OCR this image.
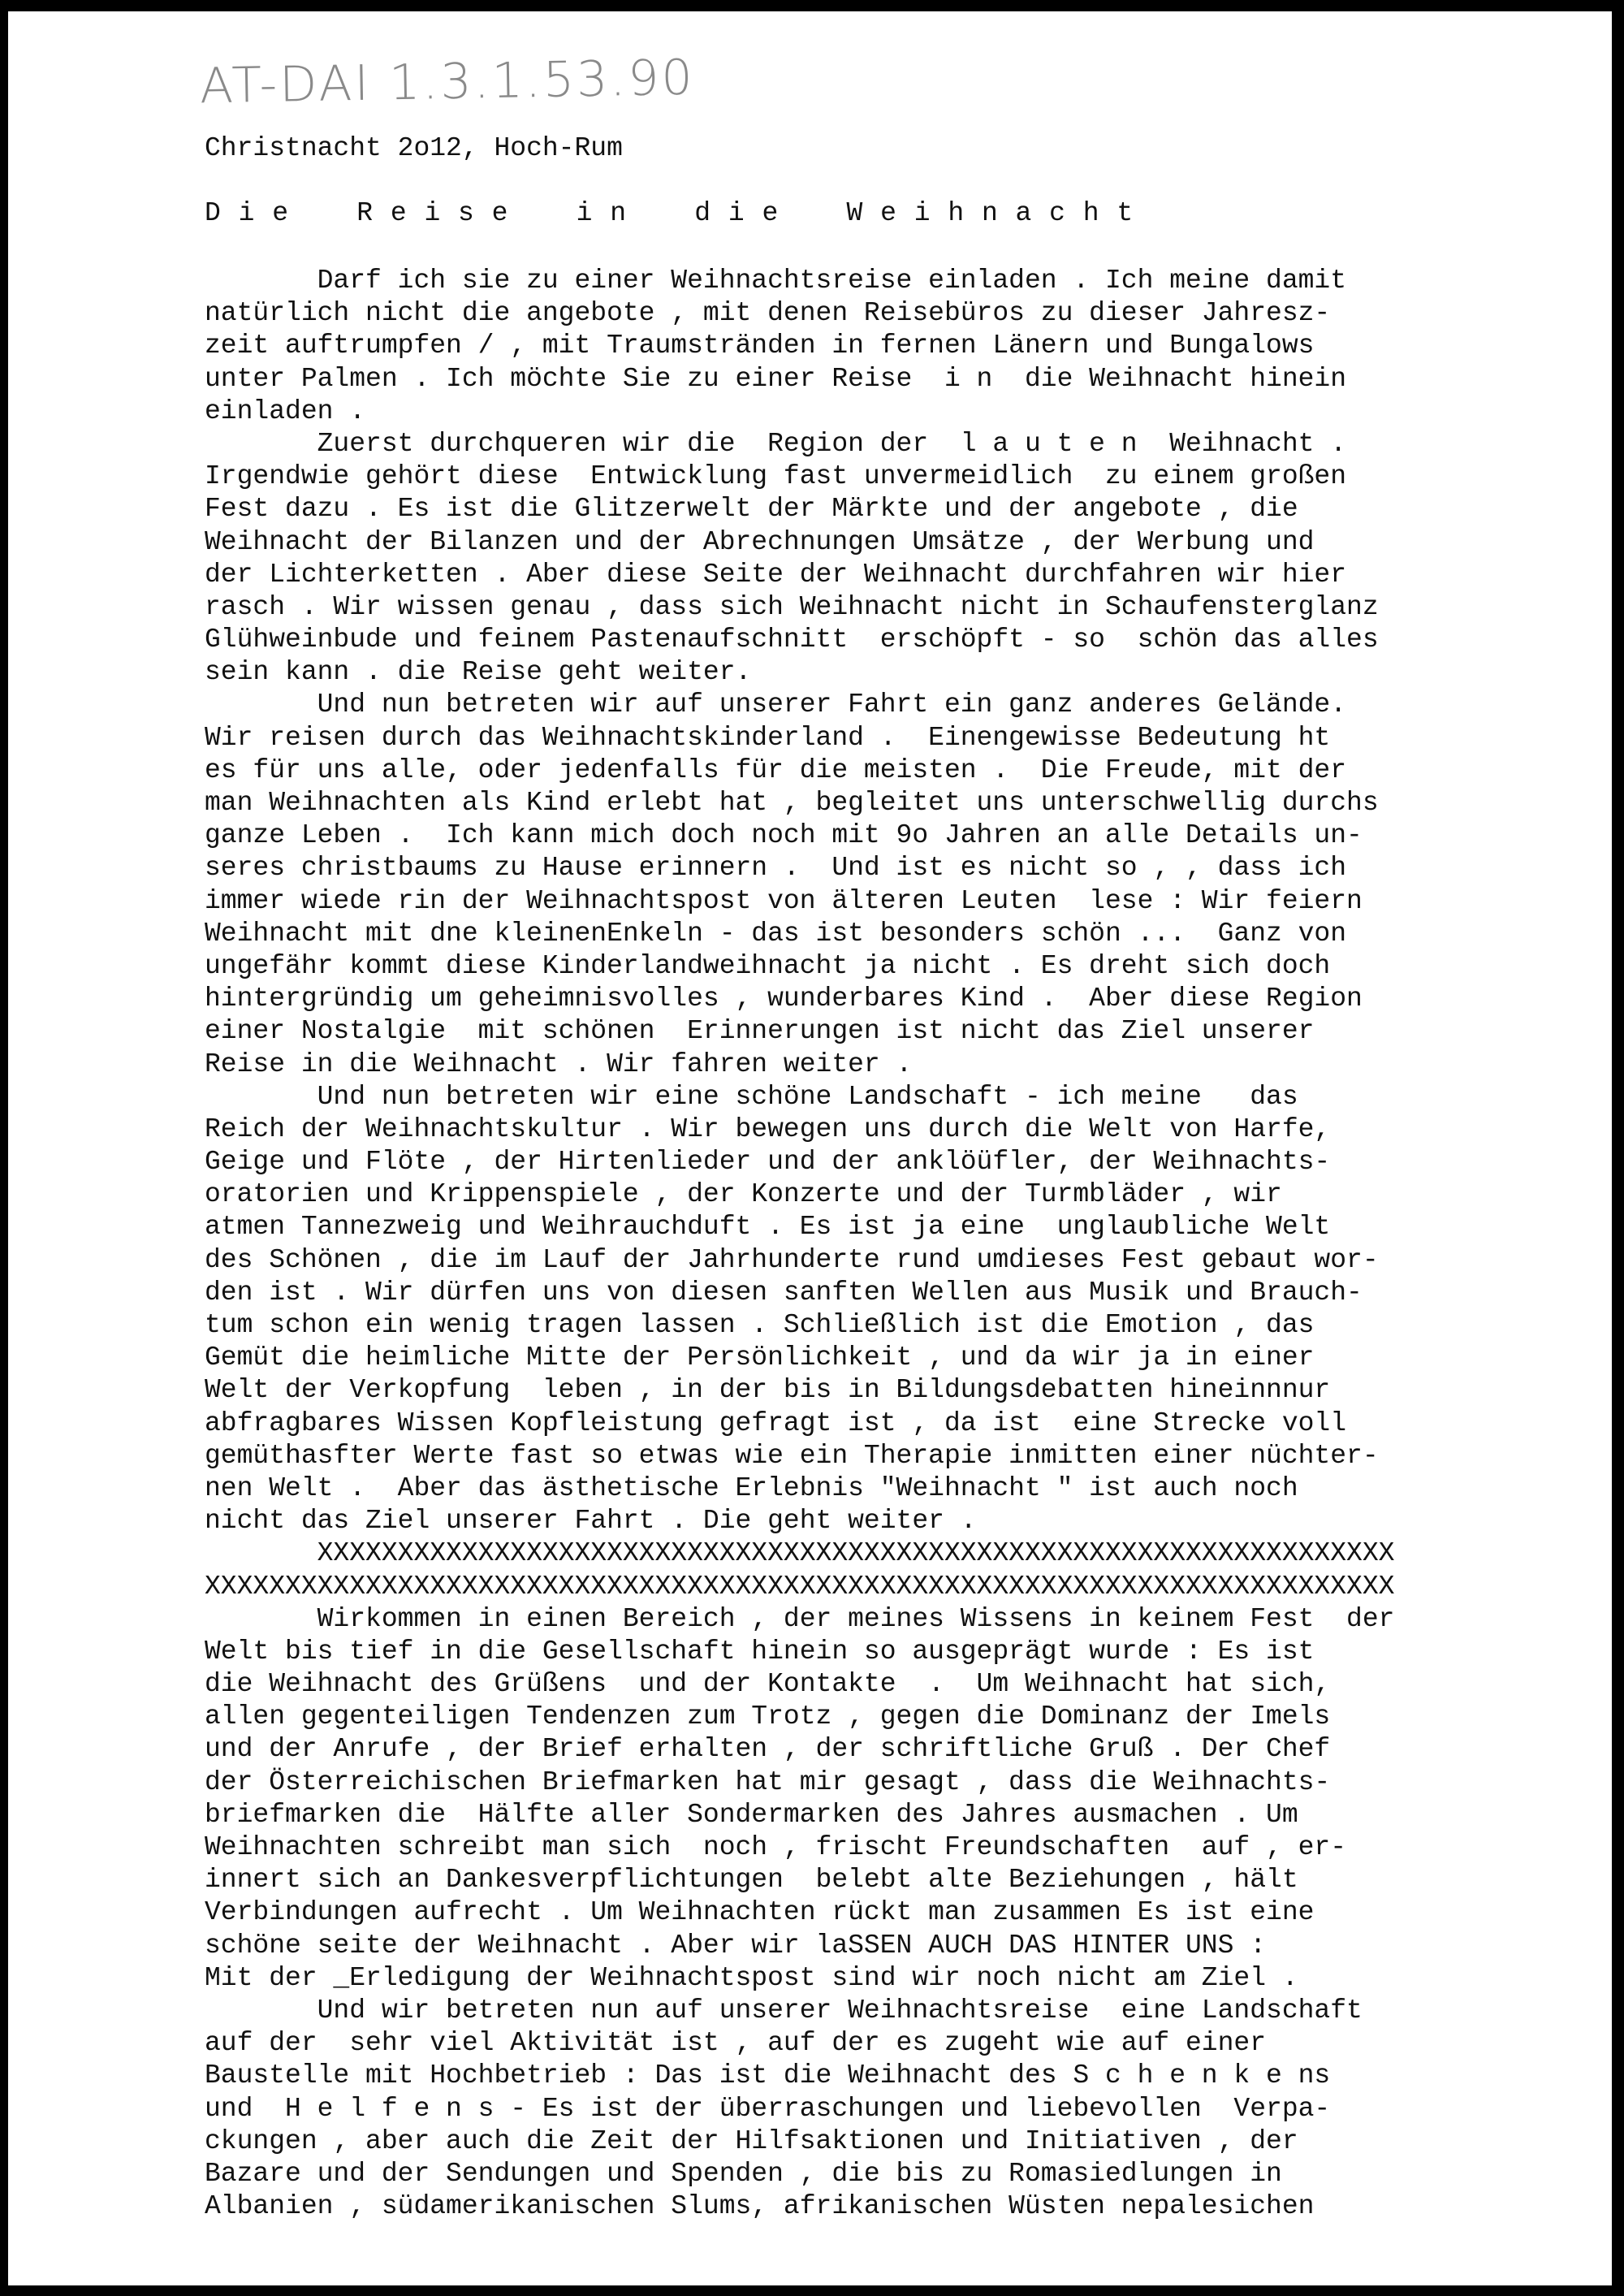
AT-DAI 1.3.1.53.90
Christnacht 2o12, Hoch-Rum
D i e    R e i s e    i n    d i e    W e i h n a c h t
Darf ich sie zu einer Weihnachtsreise einladen . Ich meine damit
natürlich nicht die angebote , mit denen Reisebüros zu dieser Jahresz-
zeit auftrumpfen / , mit Traumstränden in fernen Länern und Bungalows
unter Palmen . Ich möchte Sie zu einer Reise  i n  die Weihnacht hinein
einladen .
Zuerst durchqueren wir die  Region der  l a u t e n  Weihnacht .
Irgendwie gehört diese  Entwicklung fast unvermeidlich  zu einem großen
Fest dazu . Es ist die Glitzerwelt der Märkte und der angebote , die
Weihnacht der Bilanzen und der Abrechnungen Umsätze , der Werbung und
der Lichterketten . Aber diese Seite der Weihnacht durchfahren wir hier
rasch . Wir wissen genau , dass sich Weihnacht nicht in Schaufensterglanz
Glühweinbude und feinem Pastenaufschnitt  erschöpft - so  schön das alles
sein kann . die Reise geht weiter.
Und nun betreten wir auf unserer Fahrt ein ganz anderes Gelände.
Wir reisen durch das Weihnachtskinderland .  Einengewisse Bedeutung ht
es für uns alle, oder jedenfalls für die meisten .  Die Freude, mit der
man Weihnachten als Kind erlebt hat , begleitet uns unterschwellig durchs
ganze Leben .  Ich kann mich doch noch mit 9o Jahren an alle Details un-
seres christbaums zu Hause erinnern .  Und ist es nicht so , , dass ich
immer wiede rin der Weihnachtspost von älteren Leuten  lese : Wir feiern
Weihnacht mit dne kleinenEnkeln - das ist besonders schön ...  Ganz von
ungefähr kommt diese Kinderlandweihnacht ja nicht . Es dreht sich doch
hintergründig um geheimnisvolles , wunderbares Kind .  Aber diese Region
einer Nostalgie  mit schönen  Erinnerungen ist nicht das Ziel unserer
Reise in die Weihnacht . Wir fahren weiter .
Und nun betreten wir eine schöne Landschaft - ich meine   das
Reich der Weihnachtskultur . Wir bewegen uns durch die Welt von Harfe,
Geige und Flöte , der Hirtenlieder und der anklöüfler, der Weihnachts-
oratorien und Krippenspiele , der Konzerte und der Turmbläder , wir
atmen Tannezweig und Weihrauchduft . Es ist ja eine  unglaubliche Welt
des Schönen , die im Lauf der Jahrhunderte rund umdieses Fest gebaut wor-
den ist . Wir dürfen uns von diesen sanften Wellen aus Musik und Brauch-
tum schon ein wenig tragen lassen . Schließlich ist die Emotion , das
Gemüt die heimliche Mitte der Persönlichkeit , und da wir ja in einer
Welt der Verkopfung  leben , in der bis in Bildungsdebatten hineinnnur
abfragbares Wissen Kopfleistung gefragt ist , da ist  eine Strecke voll
gemüthasfter Werte fast so etwas wie ein Therapie inmitten einer nüchter-
nen Welt .  Aber das ästhetische Erlebnis "Weihnacht " ist auch noch
nicht das Ziel unserer Fahrt . Die geht weiter .
XXXXXXXXXXXXXXXXXXXXXXXXXXXXXXXXXXXXXXXXXXXXXXXXXXXXXXXXXXXXXXXXXXX
XXXXXXXXXXXXXXXXXXXXXXXXXXXXXXXXXXXXXXXXXXXXXXXXXXXXXXXXXXXXXXXXXXXXXXXXXX
Wirkommen in einen Bereich , der meines Wissens in keinem Fest  der
Welt bis tief in die Gesellschaft hinein so ausgeprägt wurde : Es ist
die Weihnacht des Grüßens  und der Kontakte  .  Um Weihnacht hat sich,
allen gegenteiligen Tendenzen zum Trotz , gegen die Dominanz der Imels
und der Anrufe , der Brief erhalten , der schriftliche Gruß . Der Chef
der Österreichischen Briefmarken hat mir gesagt , dass die Weihnachts-
briefmarken die  Hälfte aller Sondermarken des Jahres ausmachen . Um
Weihnachten schreibt man sich  noch , frischt Freundschaften  auf , er-
innert sich an Dankesverpflichtungen  belebt alte Beziehungen , hält
Verbindungen aufrecht . Um Weihnachten rückt man zusammen Es ist eine
schöne seite der Weihnacht . Aber wir laSSEN AUCH DAS HINTER UNS :
Mit der _Erledigung der Weihnachtspost sind wir noch nicht am Ziel .
Und wir betreten nun auf unserer Weihnachtsreise  eine Landschaft
auf der  sehr viel Aktivität ist , auf der es zugeht wie auf einer
Baustelle mit Hochbetrieb : Das ist die Weihnacht des S c h e n k e ns
und  H e l f e n s - Es ist der überraschungen und liebevollen  Verpa-
ckungen , aber auch die Zeit der Hilfsaktionen und Initiativen , der
Bazare und der Sendungen und Spenden , die bis zu Romasiedlungen in
Albanien , südamerikanischen Slums, afrikanischen Wüsten nepalesichen
